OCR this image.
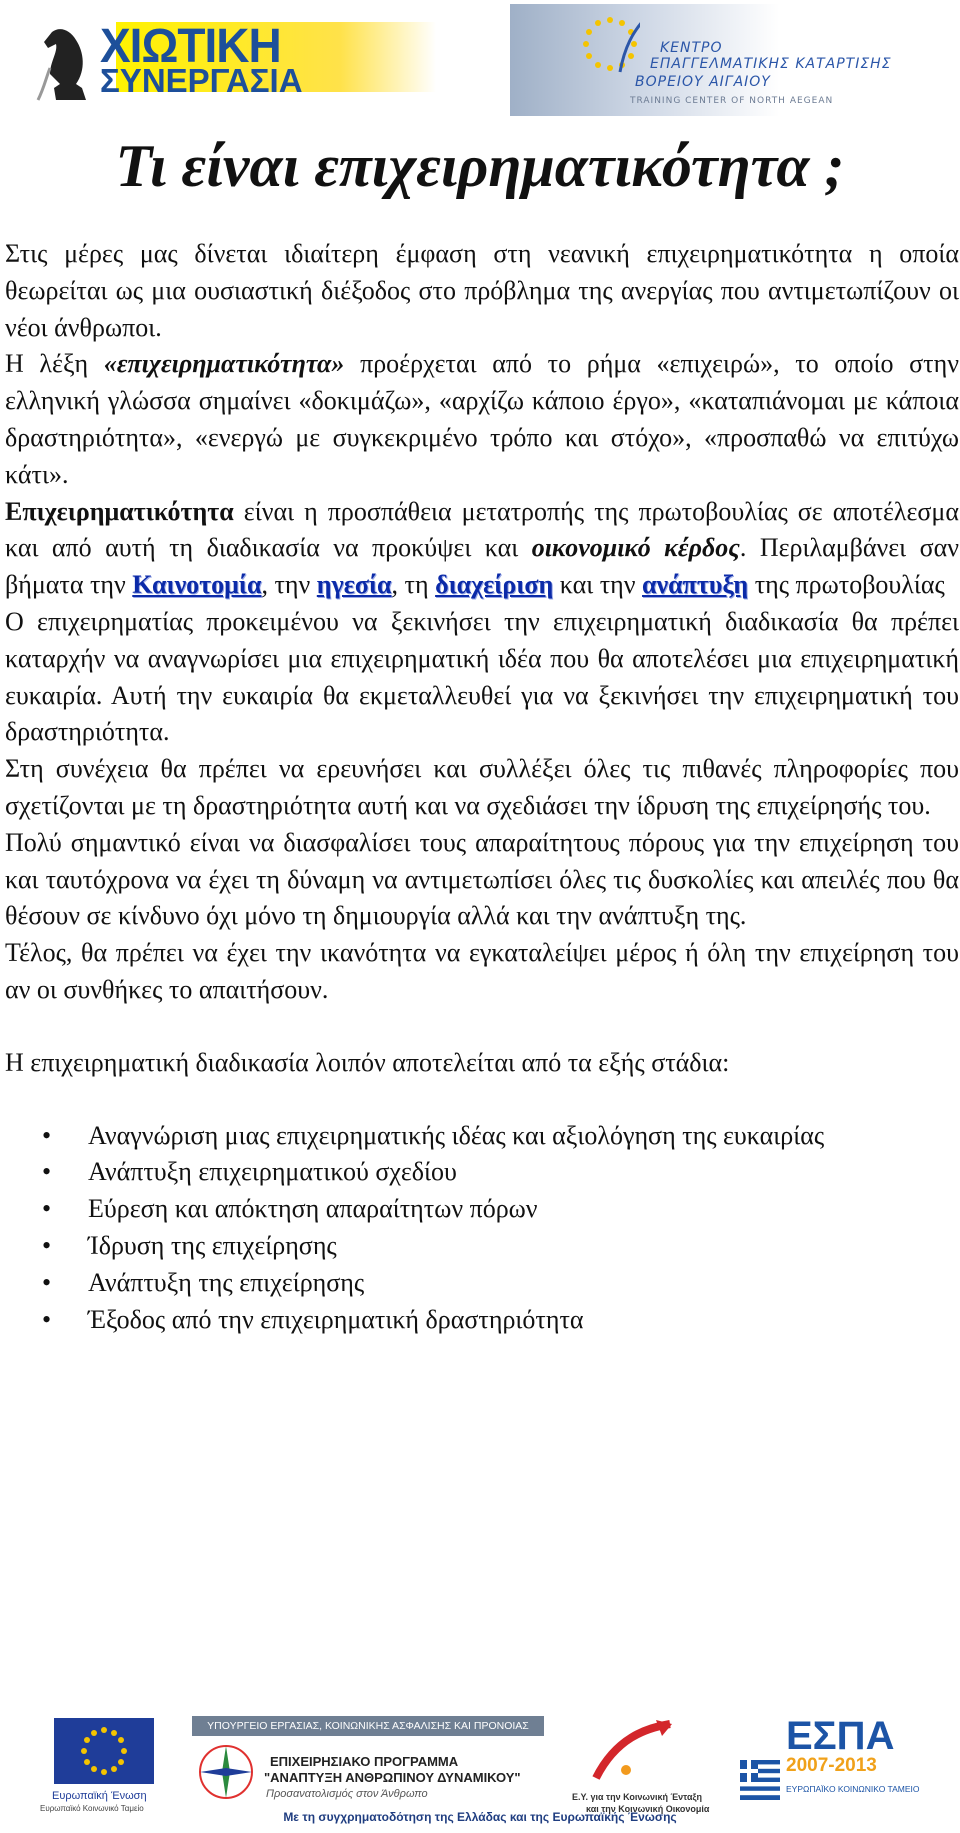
ΧΙΩΤΙΚΗ
ΣΥΝΕΡΓΑΣΙΑ
ΚΕΝΤΡΟ
ΕΠΑΓΓΕΛΜΑΤΙΚΗΣ ΚΑΤΑΡΤΙΣΗΣ
ΒΟΡΕΙΟΥ ΑΙΓΑΙΟΥ
TRAINING CENTER OF NORTH AEGEAN
Τι είναι επιχειρηματικότητα ;

Στις μέρες μας δίνεται ιδιαίτερη έμφαση στη νεανική επιχειρηματικότητα η οποία θεωρείται ως μια ουσιαστική διέξοδος στο πρόβλημα της ανεργίας που αντιμετωπίζουν οι νέοι άνθρωποι.

Η λέξη «επιχειρηματικότητα» προέρχεται από το ρήμα «επιχειρώ», το οποίο στην ελληνική γλώσσα σημαίνει «δοκιμάζω», «αρχίζω κάποιο έργο», «καταπιάνομαι με κάποια δραστηριότητα», «ενεργώ με συγκεκριμένο τρόπο και στόχο», «προσπαθώ να επιτύχω κάτι».

Επιχειρηματικότητα είναι η προσπάθεια μετατροπής της πρωτοβουλίας σε αποτέλεσμα και από αυτή τη διαδικασία να προκύψει και οικονομικό κέρδος. Περιλαμβάνει σαν βήματα την Καινοτομία, την ηγεσία, τη διαχείριση και την ανάπτυξη της πρωτοβουλίας

Ο επιχειρηματίας προκειμένου να ξεκινήσει την επιχειρηματική διαδικασία θα πρέπει καταρχήν να αναγνωρίσει μια επιχειρηματική ιδέα που θα αποτελέσει μια επιχειρηματική ευκαιρία. Αυτή την ευκαιρία θα εκμεταλλευθεί για να ξεκινήσει την επιχειρηματική του δραστηριότητα.

Στη συνέχεια θα πρέπει να ερευνήσει και συλλέξει όλες τις πιθανές πληροφορίες που σχετίζονται με τη δραστηριότητα αυτή και να σχεδιάσει την ίδρυση της επιχείρησής του.

Πολύ σημαντικό είναι να διασφαλίσει τους απαραίτητους πόρους για την επιχείρηση του και ταυτόχρονα να έχει τη δύναμη να αντιμετωπίσει όλες τις δυσκολίες και απειλές που θα θέσουν σε κίνδυνο όχι μόνο τη δημιουργία αλλά και την ανάπτυξη της.

Τέλος, θα πρέπει να έχει την ικανότητα να εγκαταλείψει μέρος ή όλη την επιχείρηση του αν οι συνθήκες το απαιτήσουν.

Η επιχειρηματική διαδικασία λοιπόν αποτελείται από τα εξής στάδια:

• Αναγνώριση μιας επιχειρηματικής ιδέας και αξιολόγηση της ευκαιρίας
• Ανάπτυξη επιχειρηματικού σχεδίου
• Εύρεση και απόκτηση απαραίτητων πόρων
• Ίδρυση της επιχείρησης
• Ανάπτυξη της επιχείρησης
• Έξοδος από την επιχειρηματική δραστηριότητα
Ευρωπαϊκή Ένωση
Ευρωπαϊκό Κοινωνικό Ταμείο
ΥΠΟΥΡΓΕΙΟ ΕΡΓΑΣΙΑΣ, ΚΟΙΝΩΝΙΚΗΣ ΑΣΦΑΛΙΣΗΣ ΚΑΙ ΠΡΟΝΟΙΑΣ
ΕΠΙΧΕΙΡΗΣΙΑΚΟ ΠΡΟΓΡΑΜΜΑ
"ΑΝΑΠΤΥΞΗ ΑΝΘΡΩΠΙΝΟΥ ΔΥΝΑΜΙΚΟΥ"
Προσανατολισμός στον Άνθρωπο	Ε.Υ. για την Κοινωνική Ένταξη
και την Κοινωνική Οικονομία
ΕΣΠΑ
2007-2013
ΕΥΡΩΠΑΪΚΟ ΚΟΙΝΩΝΙΚΟ ΤΑΜΕΙΟ
Με τη συγχρηματοδότηση της Ελλάδας και της Ευρωπαϊκής Ένωσης
